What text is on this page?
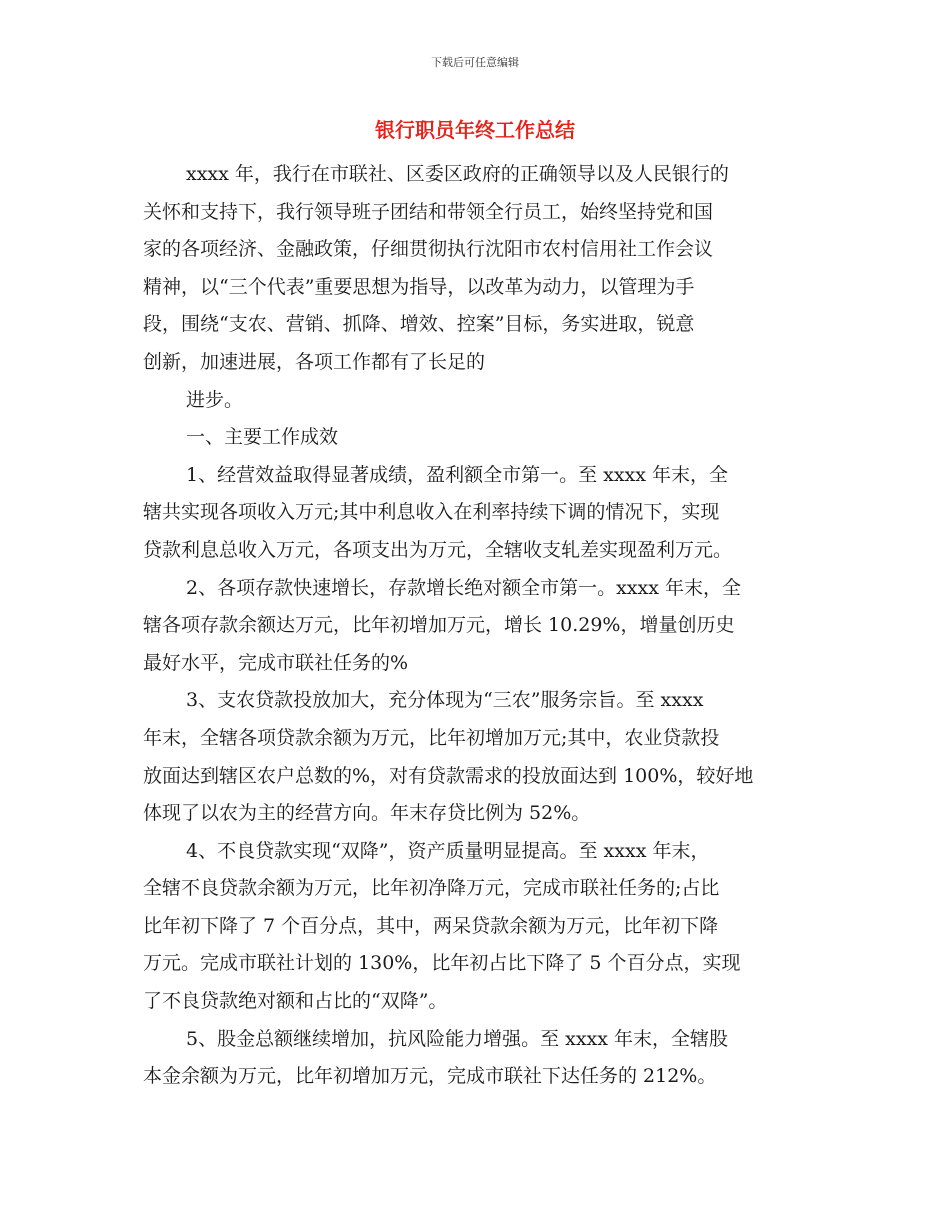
下载后可任意编辑
银行职员年终工作总结
xxxx 年，我行在市联社、区委区政府的正确领导以及人民银行的
关怀和支持下，我行领导班子团结和带领全行员工，始终坚持党和国
家的各项经济、金融政策，仔细贯彻执行沈阳市农村信用社工作会议
精神，以“三个代表”重要思想为指导，以改革为动力，以管理为手
段，围绕“支农、营销、抓降、增效、控案”目标，务实进取，锐意
创新，加速进展，各项工作都有了长足的
进步。
一、主要工作成效
1、经营效益取得显著成绩，盈利额全市第一。至 xxxx 年末，全
辖共实现各项收入万元;其中利息收入在利率持续下调的情况下，实现
贷款利息总收入万元，各项支出为万元，全辖收支轧差实现盈利万元。
2、各项存款快速增长，存款增长绝对额全市第一。xxxx 年末，全
辖各项存款余额达万元，比年初增加万元，增长 10.29%，增量创历史
最好水平，完成市联社任务的%
3、支农贷款投放加大，充分体现为“三农”服务宗旨。至 xxxx
年末，全辖各项贷款余额为万元，比年初增加万元;其中，农业贷款投
放面达到辖区农户总数的%，对有贷款需求的投放面达到 100%，较好地
体现了以农为主的经营方向。年末存贷比例为 52%。
4、不良贷款实现“双降”，资产质量明显提高。至 xxxx 年末，
全辖不良贷款余额为万元，比年初净降万元，完成市联社任务的;占比
比年初下降了 7 个百分点，其中，两呆贷款余额为万元，比年初下降
万元。完成市联社计划的 130%，比年初占比下降了 5 个百分点，实现
了不良贷款绝对额和占比的“双降”。
5、股金总额继续增加，抗风险能力增强。至 xxxx 年末，全辖股
本金余额为万元，比年初增加万元，完成市联社下达任务的 212%。
